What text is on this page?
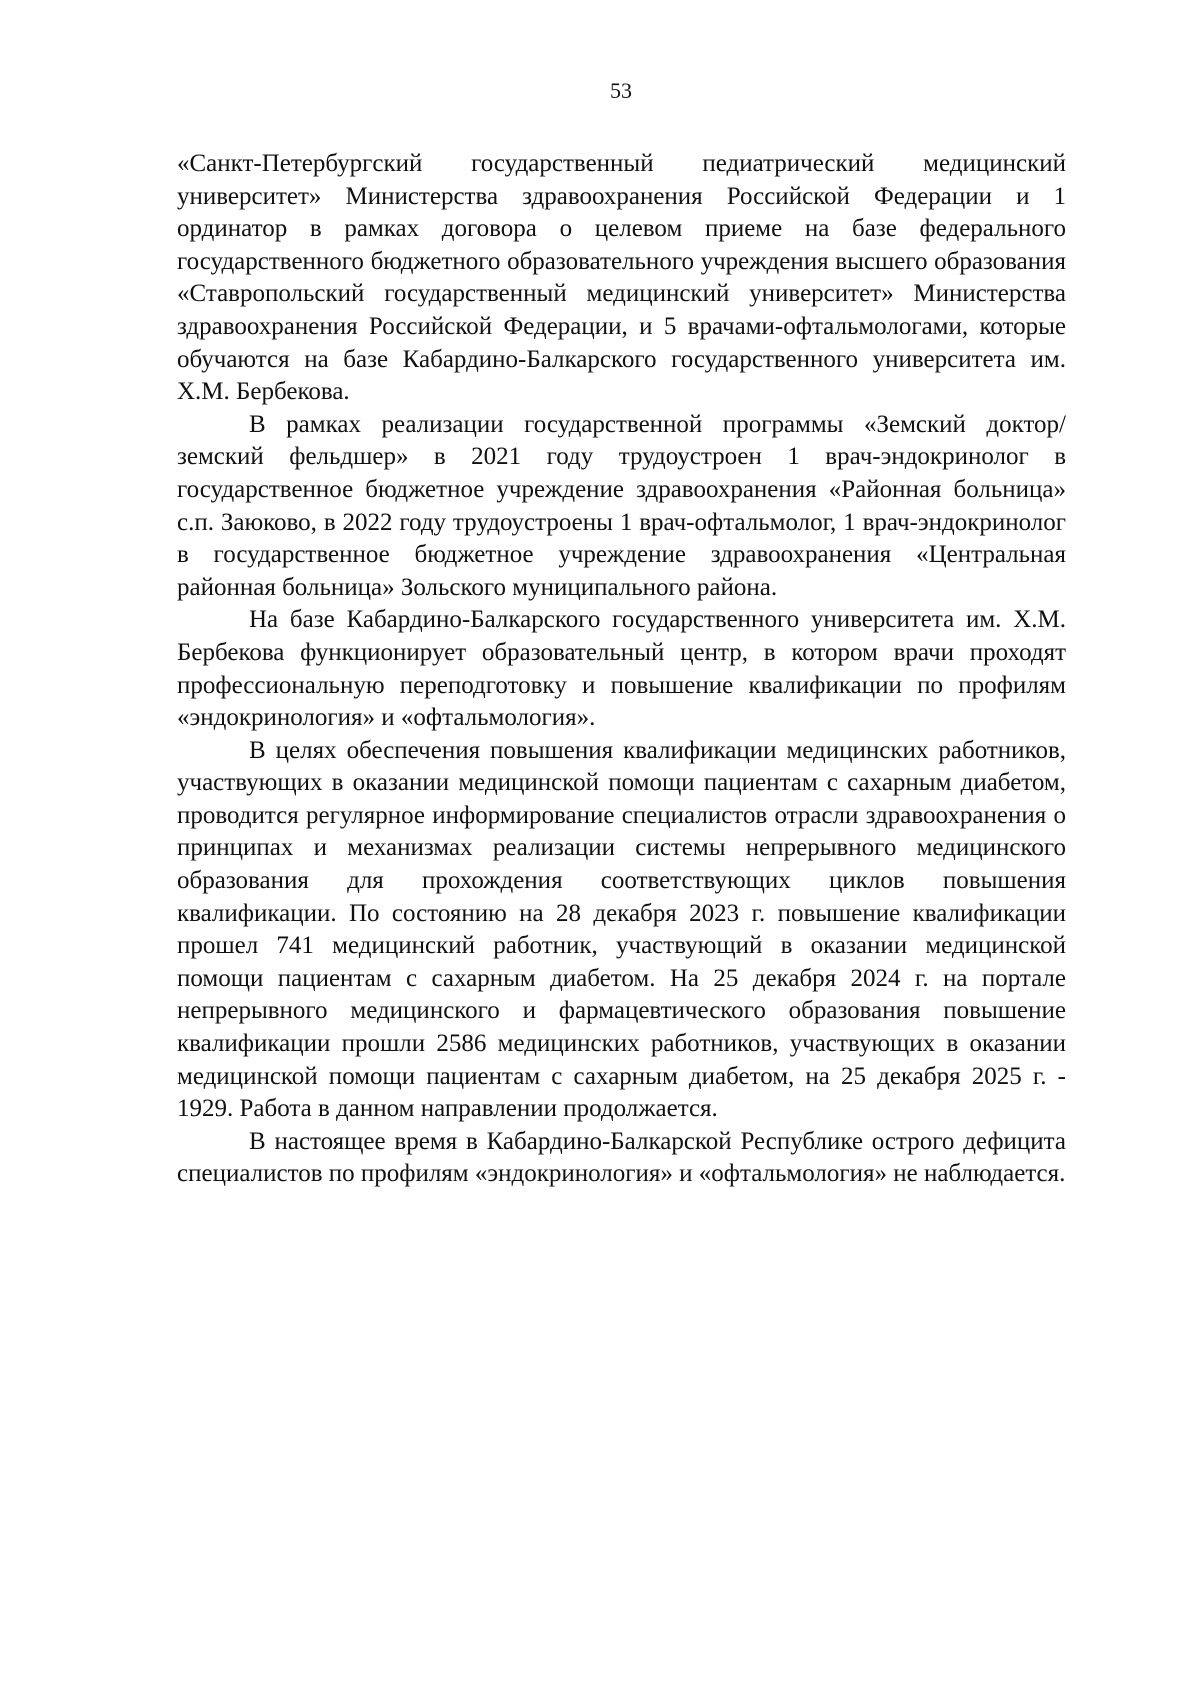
53

«Санкт-Петербургский государственный педиатрический медицинский университет» Министерства здравоохранения Российской Федерации и 1 ординатор в рамках договора о целевом приеме на базе федерального государственного бюджетного образовательного учреждения высшего образования «Ставропольский государственный медицинский университет» Министерства здравоохранения Российской Федерации, и 5 врачами-офтальмологами, которые обучаются на базе Кабардино-Балкарского государственного университета им. Х.М. Бербекова.

В рамках реализации государственной программы «Земский доктор/земский фельдшер» в 2021 году трудоустроен 1 врач-эндокринолог в государственное бюджетное учреждение здравоохранения «Районная больница» с.п. Заюково, в 2022 году трудоустроены 1 врач-офтальмолог, 1 врач-эндокринолог в государственное бюджетное учреждение здравоохранения «Центральная районная больница» Зольского муниципального района.

На базе Кабардино-Балкарского государственного университета им. Х.М. Бербекова функционирует образовательный центр, в котором врачи проходят профессиональную переподготовку и повышение квалификации по профилям «эндокринология» и «офтальмология».

В целях обеспечения повышения квалификации медицинских работников, участвующих в оказании медицинской помощи пациентам с сахарным диабетом, проводится регулярное информирование специалистов отрасли здравоохранения о принципах и механизмах реализации системы непрерывного медицинского образования для прохождения соответствующих циклов повышения квалификации. По состоянию на 28 декабря 2023 г. повышение квалификации прошел 741 медицинский работник, участвующий в оказании медицинской помощи пациентам с сахарным диабетом. На 25 декабря 2024 г. на портале непрерывного медицинского и фармацевтического образования повышение квалификации прошли 2586 медицинских работников, участвующих в оказании медицинской помощи пациентам с сахарным диабетом, на 25 декабря 2025 г. - 1929. Работа в данном направлении продолжается.

В настоящее время в Кабардино-Балкарской Республике острого дефицита специалистов по профилям «эндокринология» и «офтальмология» не наблюдается.
